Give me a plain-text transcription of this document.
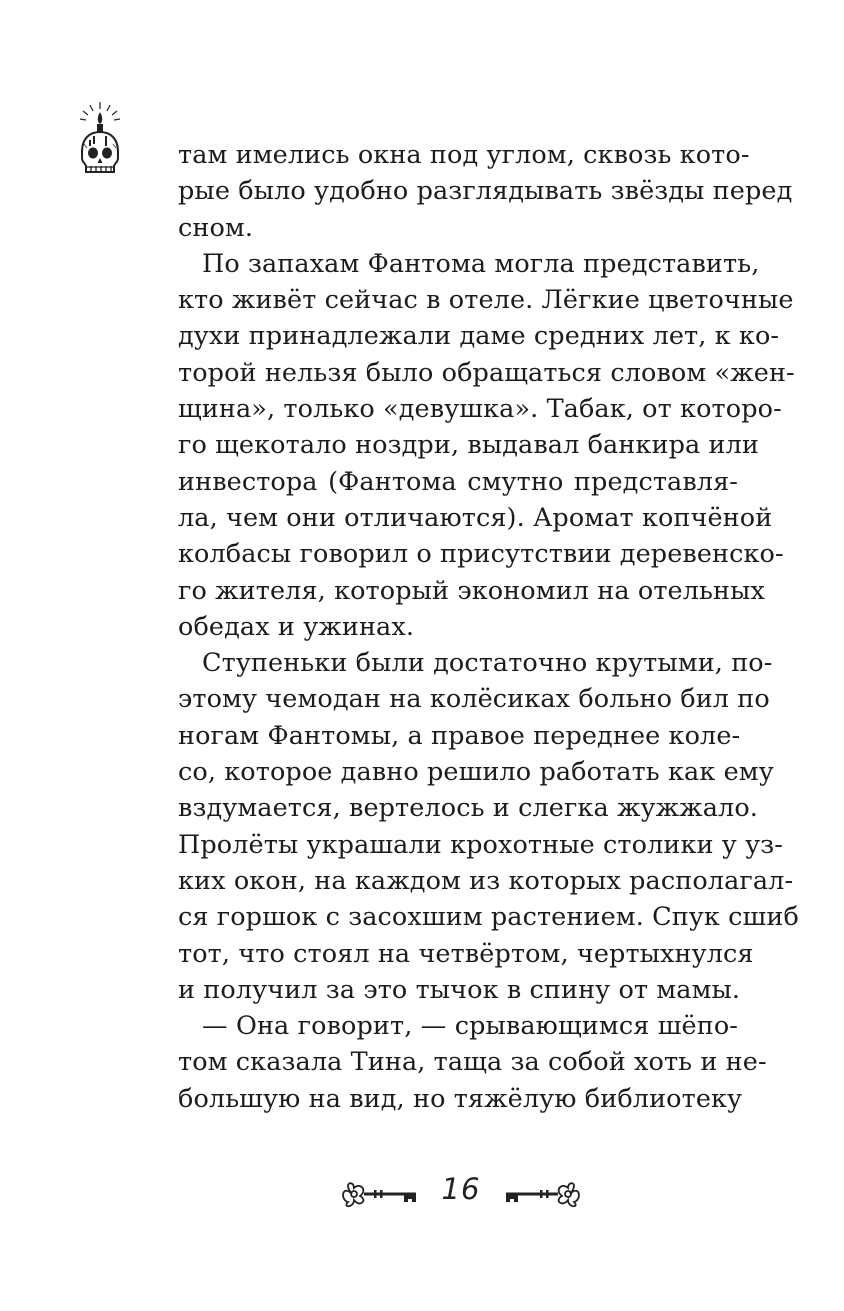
там имелись окна под углом, сквозь кото-
рые было удобно разглядывать звёзды перед
сном.
По запахам Фантома могла представить,
кто живёт сейчас в отеле. Лёгкие цветочные
духи принадлежали даме средних лет, к ко-
торой нельзя было обращаться словом «жен-
щина», только «девушка». Табак, от которо-
го щекотало ноздри, выдавал банкира или
инвестора (Фантома смутно представля-
ла, чем они отличаются). Аромат копчёной
колбасы говорил о присутствии деревенско-
го жителя, который экономил на отельных
обедах и ужинах.
Ступеньки были достаточно крутыми, по-
этому чемодан на колёсиках больно бил по
ногам Фантомы, а правое переднее коле-
со, которое давно решило работать как ему
вздумается, вертелось и слегка жужжало.
Пролёты украшали крохотные столики у уз-
ких окон, на каждом из которых располагал-
ся горшок с засохшим растением. Спук сшиб
тот, что стоял на четвёртом, чертыхнулся
и получил за это тычок в спину от мамы.
— Она говорит, — срывающимся шёпо-
том сказала Тина, таща за собой хоть и не-
большую на вид, но тяжёлую библиотеку
16
